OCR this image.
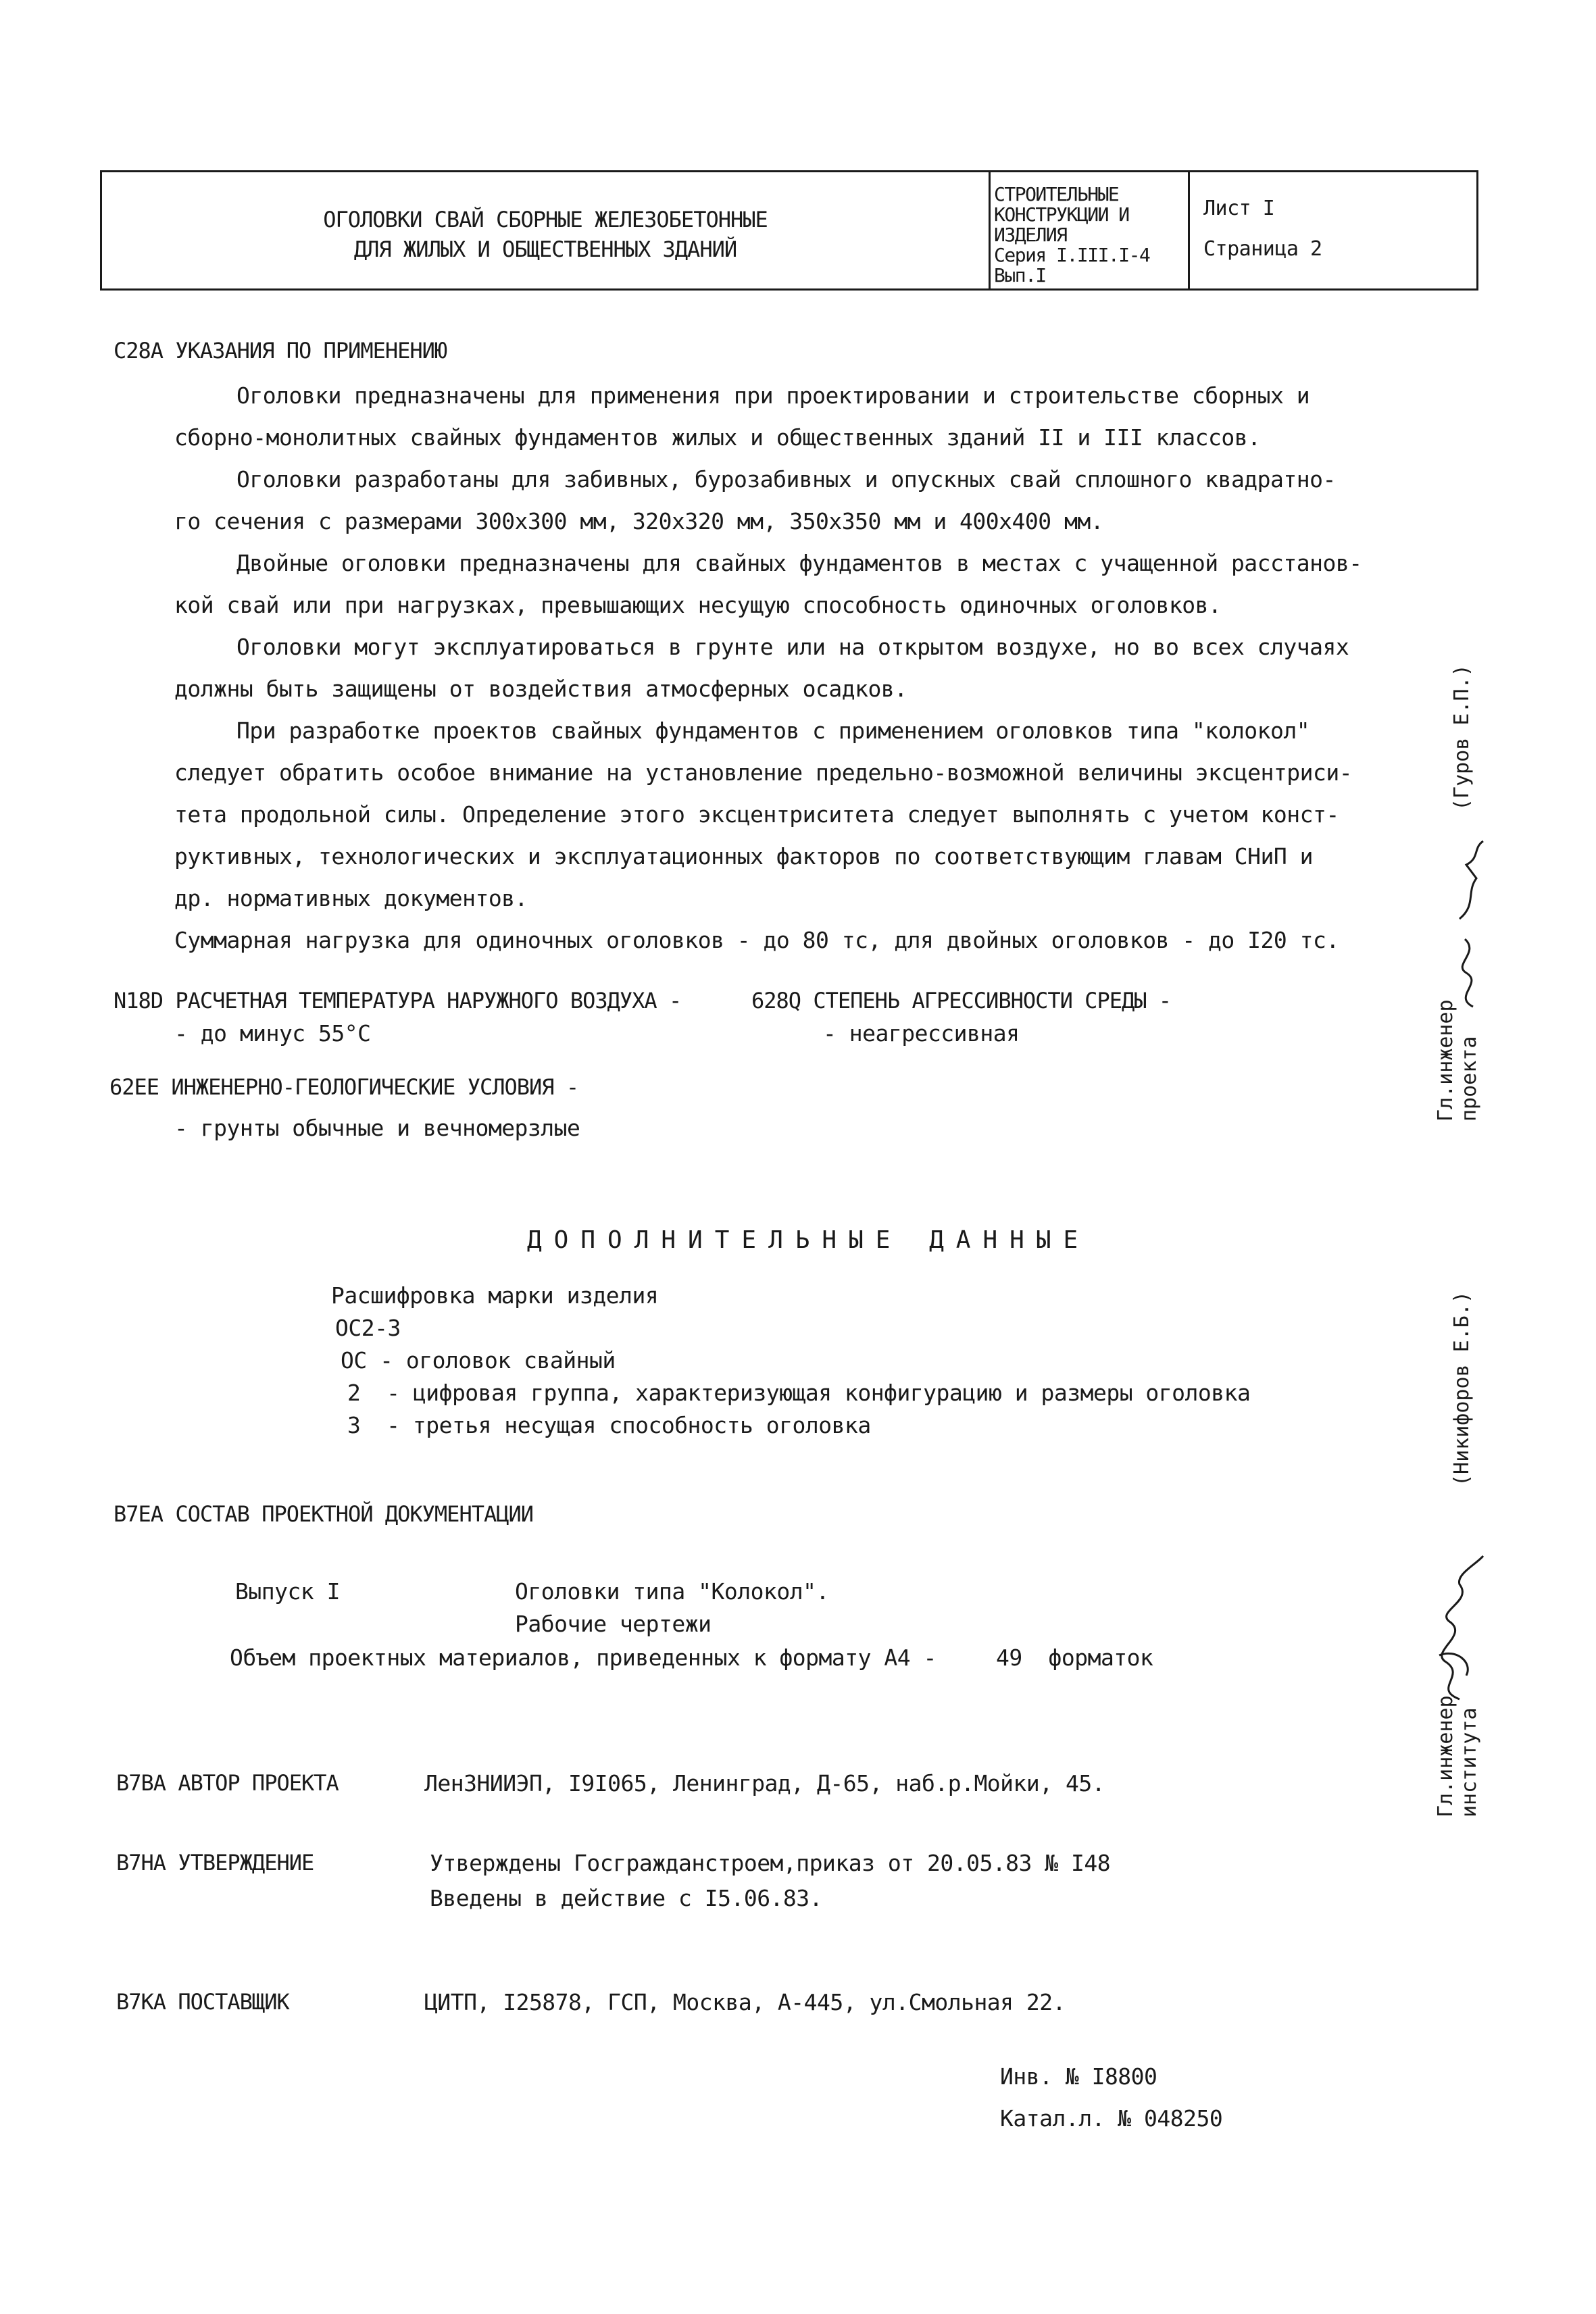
ОГОЛОВКИ СВАЙ СБОРНЫЕ ЖЕЛЕЗОБЕТОННЫЕ
ДЛЯ ЖИЛЫХ И ОБЩЕСТВЕННЫХ ЗДАНИЙ
СТРОИТЕЛЬНЫЕ
КОНСТРУКЦИИ И
ИЗДЕЛИЯ
Серия I.III.I-4
Вып.I
Лист I
Страница 2
С28А УКАЗАНИЯ ПО ПРИМЕНЕНИЮ
Оголовки предназначены для применения при проектировании и строительстве сборных и
сборно-монолитных свайных фундаментов жилых и общественных зданий II и III классов.
Оголовки разработаны для забивных, бурозабивных и опускных свай сплошного квадратно-
го сечения с размерами 300х300 мм, 320х320 мм, 350х350 мм и 400х400 мм.
Двойные оголовки предназначены для свайных фундаментов в местах с учащенной расстанов-
кой свай или при нагрузках, превышающих несущую способность одиночных оголовков.
Оголовки могут эксплуатироваться в грунте или на открытом воздухе, но во всех случаях
должны быть защищены от воздействия атмосферных осадков.
При разработке проектов свайных фундаментов с применением оголовков типа "колокол"
следует обратить особое внимание на установление предельно-возможной величины эксцентриси-
тета продольной силы. Определение этого эксцентриситета следует выполнять с учетом конст-
руктивных, технологических и эксплуатационных факторов по соответствующим главам СНиП и
др. нормативных документов.
Суммарная нагрузка для одиночных оголовков - до 80 тс, для двойных оголовков - до I20 тс.
N18D РАСЧЕТНАЯ ТЕМПЕРАТУРА НАРУЖНОГО ВОЗДУХА -
- до минус 55°С
628Q СТЕПЕНЬ АГРЕССИВНОСТИ СРЕДЫ -
- неагрессивная
62ЕЕ ИНЖЕНЕРНО-ГЕОЛОГИЧЕСКИЕ УСЛОВИЯ -
- грунты обычные и вечномерзлые
ДОПОЛНИТЕЛЬНЫЕ ДАННЫЕ
Расшифровка марки изделия
ОС2-3
ОС - оголовок свайный
2  - цифровая группа, характеризующая конфигурацию и размеры оголовка
3  - третья несущая способность оголовка
В7ЕА СОСТАВ ПРОЕКТНОЙ ДОКУМЕНТАЦИИ
Выпуск I	Оголовки типа "Колокол".
Рабочие чертежи
Объем проектных материалов, приведенных к формату А4 -	49  форматок
В7ВА АВТОР ПРОЕКТА	ЛенЗНИИЭП, I9I065, Ленинград, Д-65, наб.р.Мойки, 45.
В7НА УТВЕРЖДЕНИЕ	Утверждены Госгражданстроем,приказ от 20.05.83 № I48
Введены в действие с I5.06.83.
В7КА ПОСТАВЩИК	ЦИТП, I25878, ГСП, Москва, А-445, ул.Смольная 22.
Инв. № I8800
Катал.л. № 048250
Гл.инженер проекта
(Гуров Е.П.)
(Никифоров Е.Б.)
Гл.инженер института
